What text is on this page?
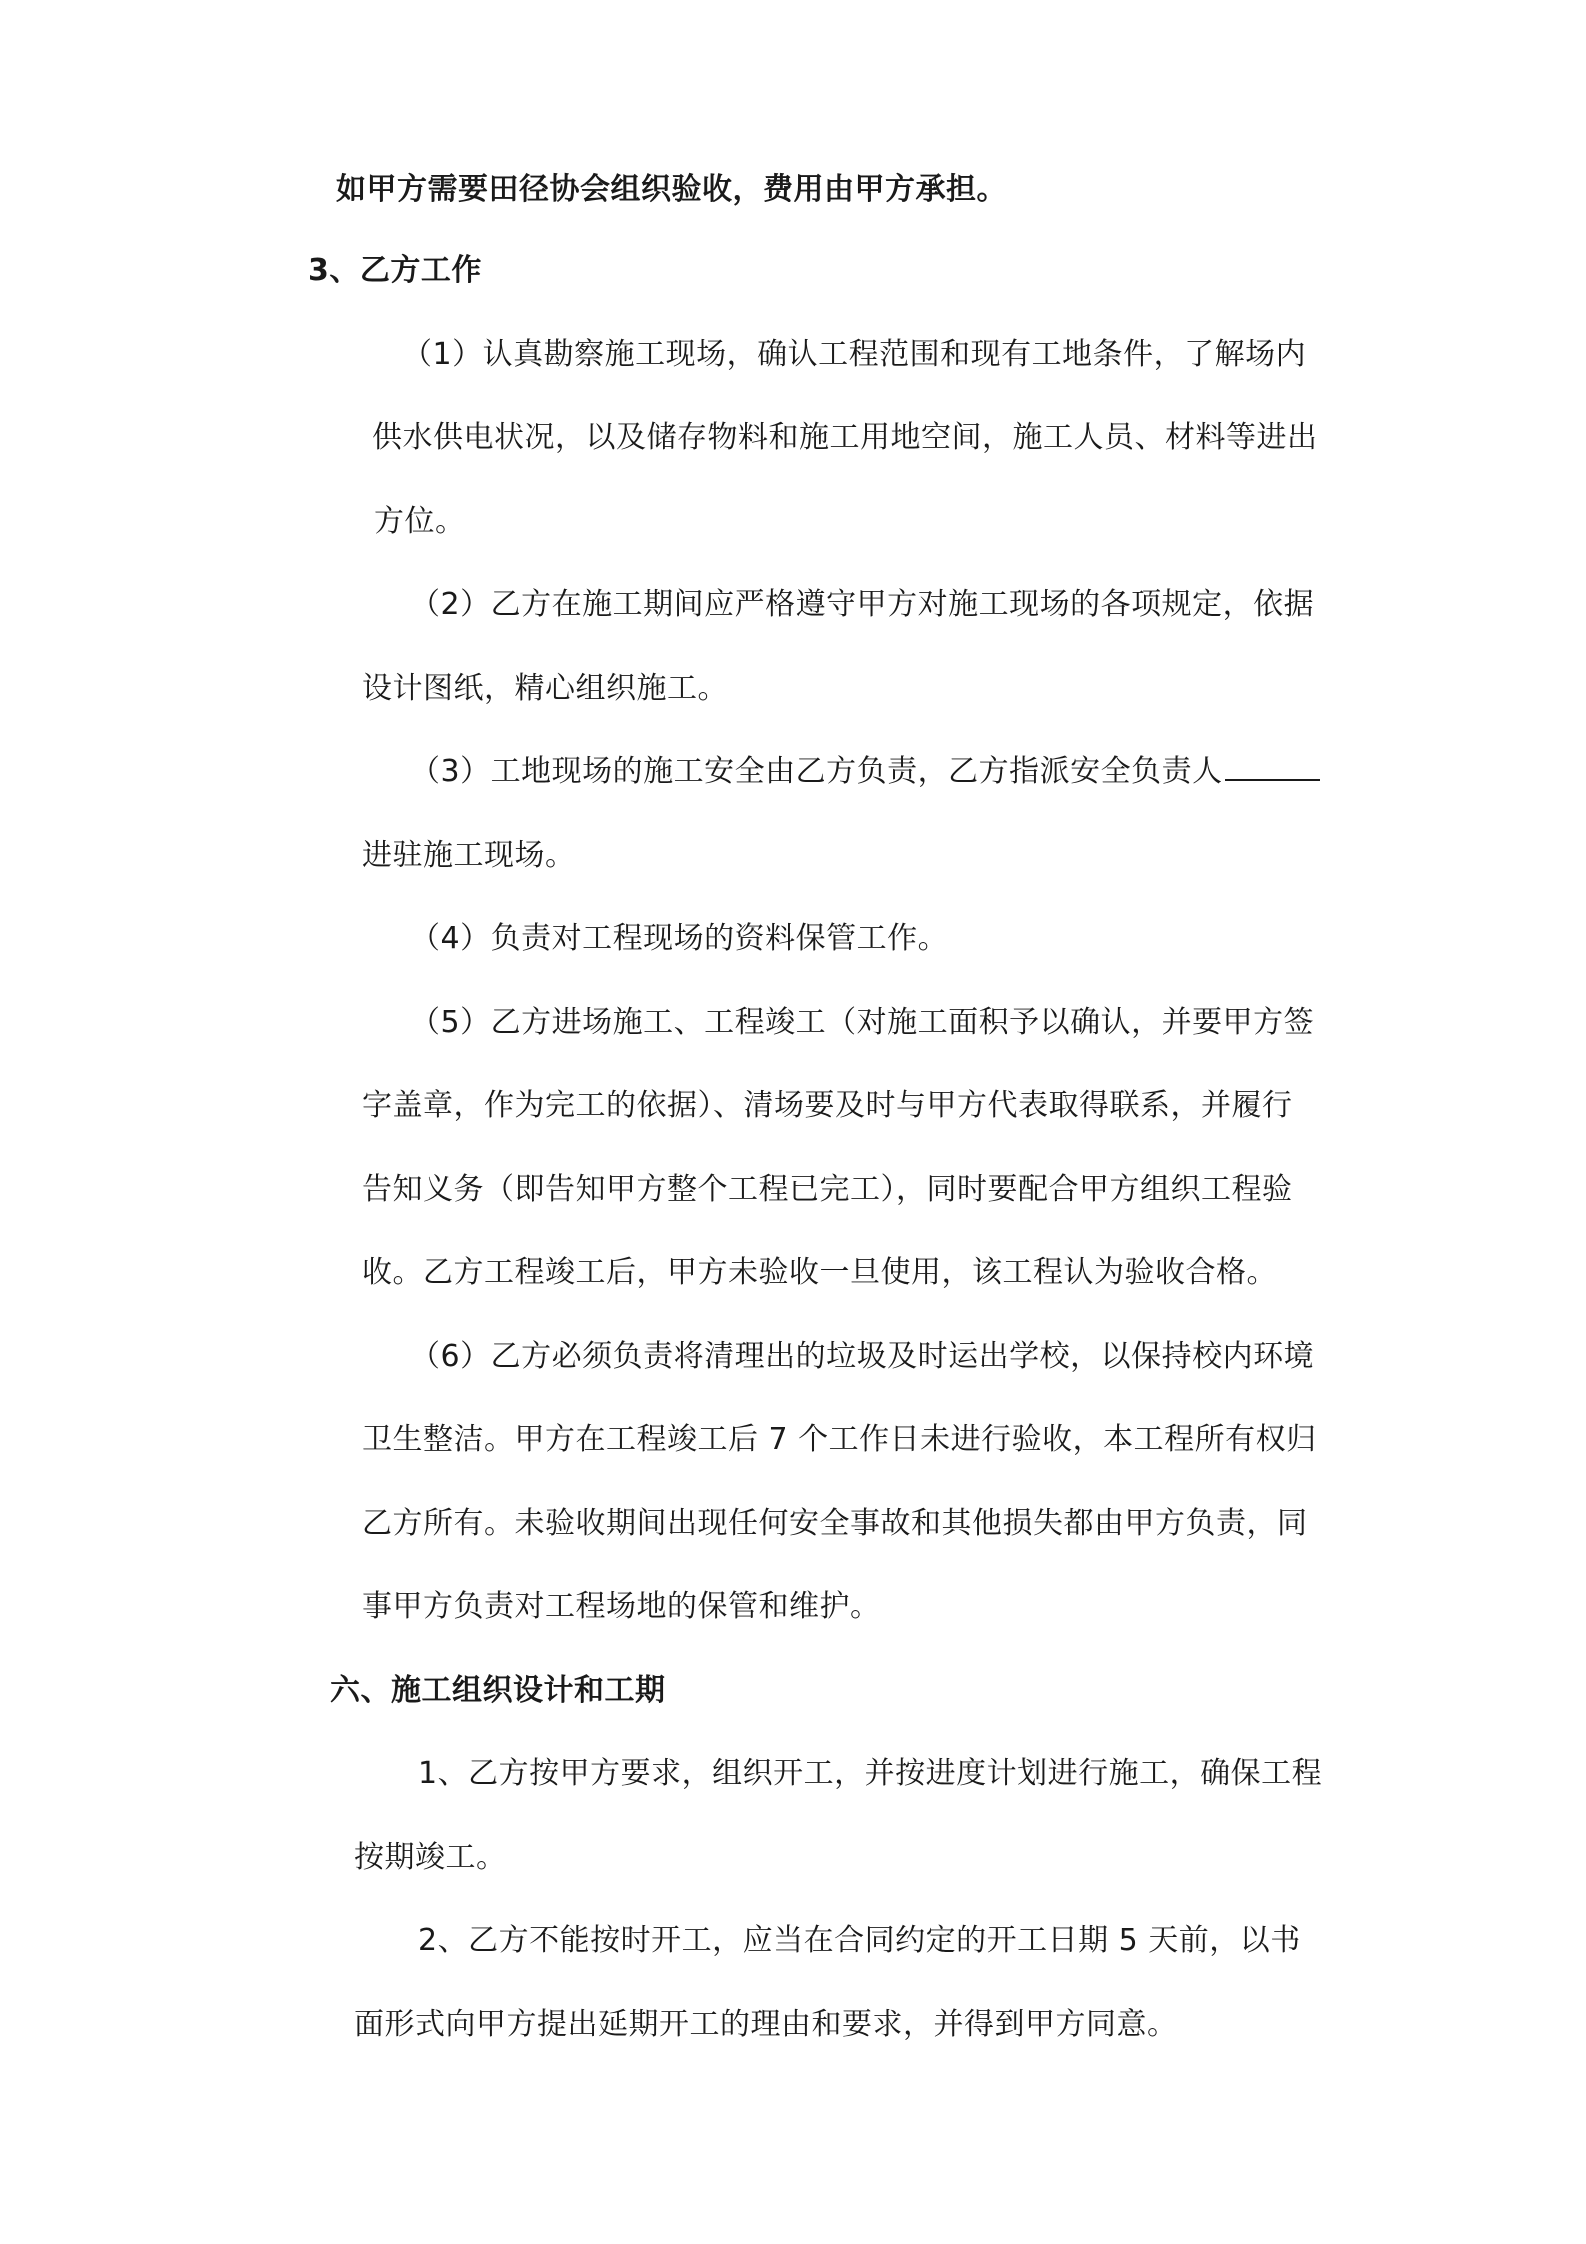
如甲方需要田径协会组织验收，费用由甲方承担。
3、乙方工作
（1）认真勘察施工现场，确认工程范围和现有工地条件，了解场内
供水供电状况，以及储存物料和施工用地空间，施工人员、材料等进出
方位。
（2）乙方在施工期间应严格遵守甲方对施工现场的各项规定，依据
设计图纸，精心组织施工。
（3）工地现场的施工安全由乙方负责，乙方指派安全负责人
进驻施工现场。
（4）负责对工程现场的资料保管工作。
（5）乙方进场施工、工程竣工（对施工面积予以确认，并要甲方签
字盖章，作为完工的依据）、清场要及时与甲方代表取得联系，并履行
告知义务（即告知甲方整个工程已完工），同时要配合甲方组织工程验
收。乙方工程竣工后，甲方未验收一旦使用，该工程认为验收合格。
（6）乙方必须负责将清理出的垃圾及时运出学校，以保持校内环境
卫生整洁。甲方在工程竣工后 7 个工作日未进行验收，本工程所有权归
乙方所有。未验收期间出现任何安全事故和其他损失都由甲方负责，同
事甲方负责对工程场地的保管和维护。
六、施工组织设计和工期
1、乙方按甲方要求，组织开工，并按进度计划进行施工，确保工程
按期竣工。
2、乙方不能按时开工，应当在合同约定的开工日期 5 天前，以书
面形式向甲方提出延期开工的理由和要求，并得到甲方同意。
